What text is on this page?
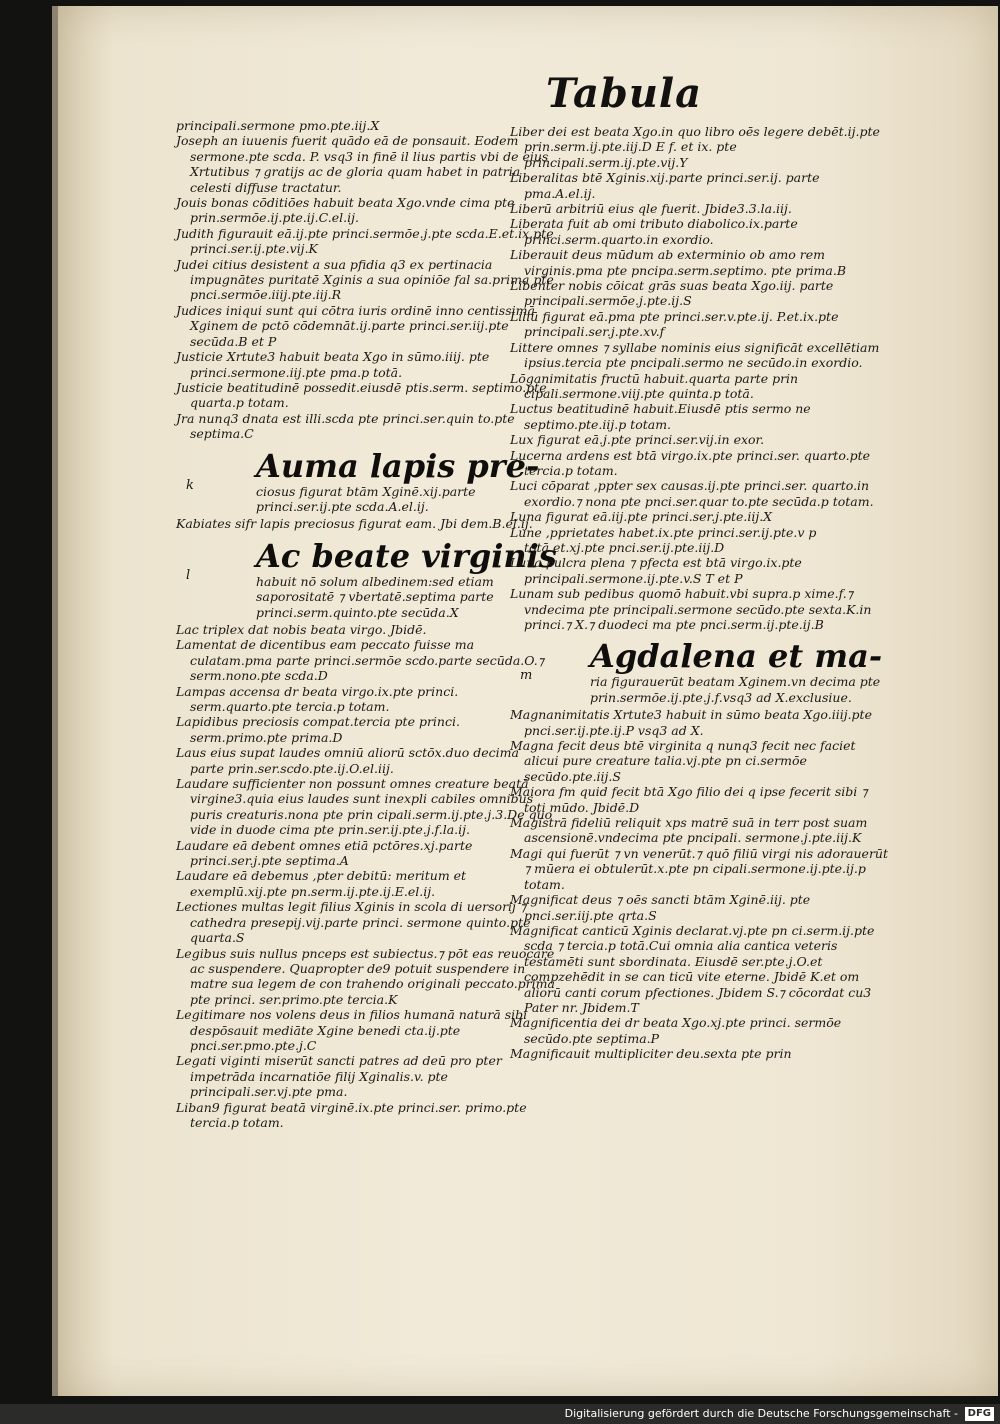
Tabula

principali.sermone pmo.pte.iij.X

Joseph an iuuenis fuerit quādo eā de ponsauit. Eodem sermone.pte scda. P. vsq3 in finē il lius partis vbi de eius Xrtutibus ⁊ gratijs ac de gloria quam habet in patria celesti diffuse tractatur.

Jouis bonas cōditiōes habuit beata Xgo.vnde cima pte prin.sermōe.ij.pte.ij.C.el.ij.

Judith figurauit eā.ij.pte princi.sermōe.j.pte scda.E.et.ix.pte princi.ser.ij.pte.vij.K

Judei citius desistent a sua pfidia q3 ex pertinacia impugnātes puritatē Xginis a sua opiniōe fal sa.prima pte pnci.sermōe.iiij.pte.iij.R

Judices iniqui sunt qui cōtra iuris ordinē inno centissimā Xginem de pctō cōdemnāt.ij.parte princi.ser.iij.pte secūda.B et P

Justicie Xrtute3 habuit beata Xgo in sūmo.iiij. pte princi.sermone.iij.pte pma.p totā.

Justicie beatitudinē possedit.eiusdē ptis.serm. septimo.pte quarta.p totam.

Jra nunq3 dnata est illi.scda pte princi.ser.quin to.pte septima.C

Auma lapis pre-
k	ciosus figurat btām Xginē.xij.parte princi.ser.ij.pte scda.A.el.ij.

Kabiates sifr lapis preciosus figurat eam. Jbi dem.B.el.ij.

Ac beate virginis
l	habuit nō solum albedinem:sed etiam saporositatē ⁊ vbertatē.septima parte princi.serm.quinto.pte secūda.X

Lac triplex dat nobis beata virgo. Jbidē.

Lamentat de dicentibus eam peccato fuisse ma culatam.pma parte princi.sermōe scdo.parte secūda.O.⁊ serm.nono.pte scda.D

Lampas accensa dr beata virgo.ix.pte princi. serm.quarto.pte tercia.p totam.

Lapidibus preciosis compat.tercia pte princi. serm.primo.pte prima.D

Laus eius supat laudes omniū aliorū sctōx.duo decima parte prin.ser.scdo.pte.ij.O.el.iij.

Laudare sufficienter non possunt omnes creature beatā virgine3.quia eius laudes sunt inexpli cabiles omnibus puris creaturis.nona pte prin cipali.serm.ij.pte.j.3.De quo vide in duode cima pte prin.ser.ij.pte.j.f.la.ij.

Laudare eā debent omnes etiā pctōres.xj.parte princi.ser.j.pte septima.A

Laudare eā debemus ,pter debitū: meritum et exemplū.xij.pte pn.serm.ij.pte.ij.E.el.ij.

Lectiones multas legit filius Xginis in scola di uersorij ⁊ cathedra presepij.vij.parte princi. sermone quinto.pte quarta.S

Legibus suis nullus pnceps est subiectus.⁊ pōt eas reuocare ac suspendere. Quapropter de9 potuit suspendere in matre sua legem de con trahendo originali peccato.prima pte princi. ser.primo.pte tercia.K

Legitimare nos volens deus in filios humanā naturā sibi despōsauit mediāte Xgine benedi cta.ij.pte pnci.ser.pmo.pte.j.C

Legati viginti miserūt sancti patres ad deū pro pter impetrāda incarnatiōe filij Xginalis.v. pte principali.ser.vj.pte pma.

Liban9 figurat beatā virginē.ix.pte princi.ser. primo.pte tercia.p totam.

Liber dei est beata Xgo.in quo libro oēs legere debēt.ij.pte prin.serm.ij.pte.iij.D E f. et ix. pte principali.serm.ij.pte.vij.Y

Liberalitas btē Xginis.xij.parte princi.ser.ij. parte pma.A.el.ij.

Liberū arbitriū eius qle fuerit. Jbide3.3.la.iij.

Liberata fuit ab omi tributo diabolico.ix.parte princi.serm.quarto.in exordio.

Liberauit deus mūdum ab exterminio ob amo rem virginis.pma pte pncipa.serm.septimo. pte prima.B

Libenter nobis cōicat grās suas beata Xgo.iij. parte principali.sermōe.j.pte.ij.S

Liliū figurat eā.pma pte princi.ser.v.pte.ij. P.et.ix.pte principali.ser.j.pte.xv.f

Littere omnes ⁊ syllabe nominis eius significāt excellētiam ipsius.tercia pte pncipali.sermo ne secūdo.in exordio.

Lōganimitatis fructū habuit.quarta parte prin cipali.sermone.viij.pte quinta.p totā.

Luctus beatitudinē habuit.Eiusdē ptis sermo ne septimo.pte.iij.p totam.

Lux figurat eā.j.pte princi.ser.vij.in exor.

Lucerna ardens est btā virgo.ix.pte princi.ser. quarto.pte tercia.p totam.

Luci cōparat ,ppter sex causas.ij.pte princi.ser. quarto.in exordio.⁊ nona pte pnci.ser.quar to.pte secūda.p totam.

Luna figurat eā.iij.pte princi.ser.j.pte.iij.X

Lune ,pprietates habet.ix.pte princi.ser.ij.pte.v p totā.et.xj.pte pnci.ser.ij.pte.iij.D

Luna pulcra plena ⁊ pfecta est btā virgo.ix.pte principali.sermone.ij.pte.v.S T et P

Lunam sub pedibus quomō habuit.vbi supra.p xime.f.⁊ vndecima pte principali.sermone secūdo.pte sexta.K.in princi.⁊ X.⁊ duodeci ma pte pnci.serm.ij.pte.ij.B

Agdalena et ma-
m	ria figurauerūt beatam Xginem.vn decima pte prin.sermōe.ij.pte.j.f.vsq3 ad X.exclusiue.

Magnanimitatis Xrtute3 habuit in sūmo beata Xgo.iiij.pte pnci.ser.ij.pte.ij.P vsq3 ad X.

Magna fecit deus btē virginita q nunq3 fecit nec faciet alicui pure creature talia.vj.pte pn ci.sermōe secūdo.pte.iij.S

Maiora fm quid fecit btā Xgo filio dei q ipse fecerit sibi ⁊ toti mūdo. Jbidē.D

Magistrā fideliū reliquit xps matrē suā in terr post suam ascensionē.vndecima pte pncipali. sermone.j.pte.iij.K

Magi qui fuerūt ⁊ vn venerūt.⁊ quō filiū virgi nis adorauerūt ⁊ mūera ei obtulerūt.x.pte pn cipali.sermone.ij.pte.ij.p totam.

Magnificat deus ⁊ oēs sancti btām Xginē.iij. pte pnci.ser.iij.pte qrta.S

Magnificat canticū Xginis declarat.vj.pte pn ci.serm.ij.pte scda ⁊ tercia.p totā.Cui omnia alia cantica veteris testamēti sunt sbordinata. Eiusdē ser.pte.j.O.et compzehēdit in se can ticū vite eterne. Jbidē K.et om aliorū canti corum pfectiones. Jbidem S.⁊ cōcordat cu3 Pater nr. Jbidem.T

Magnificentia dei dr beata Xgo.xj.pte princi. sermōe secūdo.pte septima.P

Magnificauit multipliciter deu.sexta pte prin

Digitalisierung gefördert durch die Deutsche Forschungsgemeinschaft - DFG
